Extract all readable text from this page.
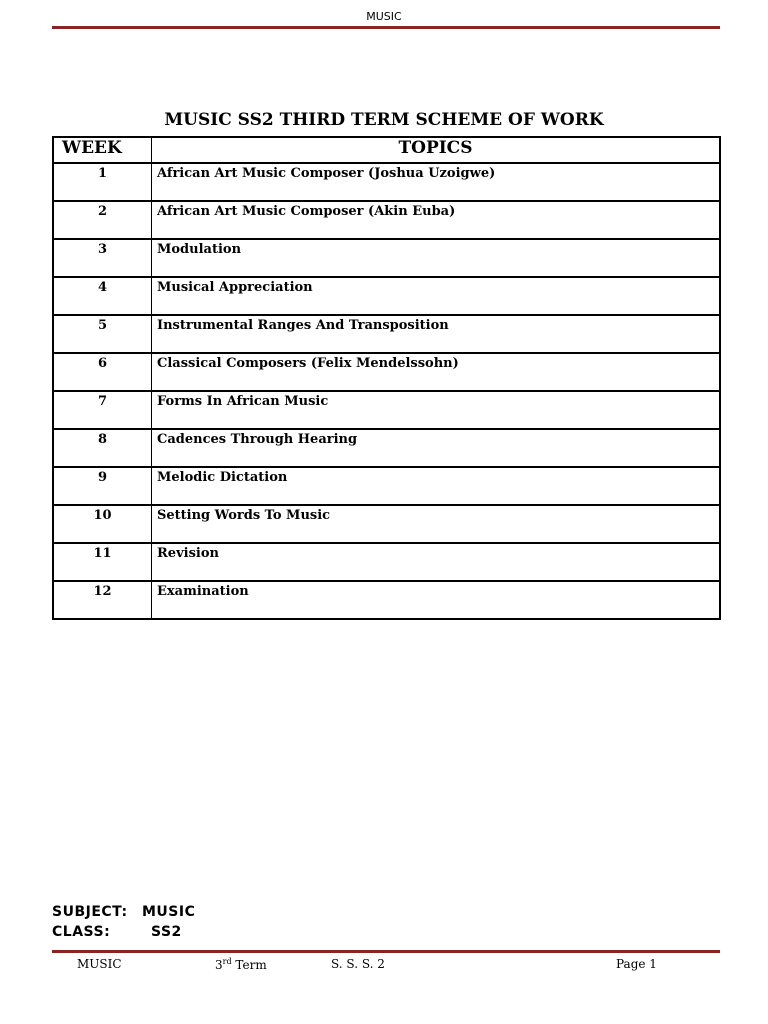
MUSIC
MUSIC SS2 THIRD TERM SCHEME OF WORK
WEEK	TOPICS
1	African Art Music Composer (Joshua Uzoigwe)
2	African Art Music Composer (Akin Euba)
3	Modulation
4	Musical Appreciation
5	Instrumental Ranges And Transposition
6	Classical Composers (Felix Mendelssohn)
7	Forms In African Music
8	Cadences Through Hearing
9	Melodic Dictation
10	Setting Words To Music
11	Revision
12	Examination
SUBJECT: MUSIC
CLASS:	SS2
MUSIC	3rd Term	S. S. S. 2	Page 1
